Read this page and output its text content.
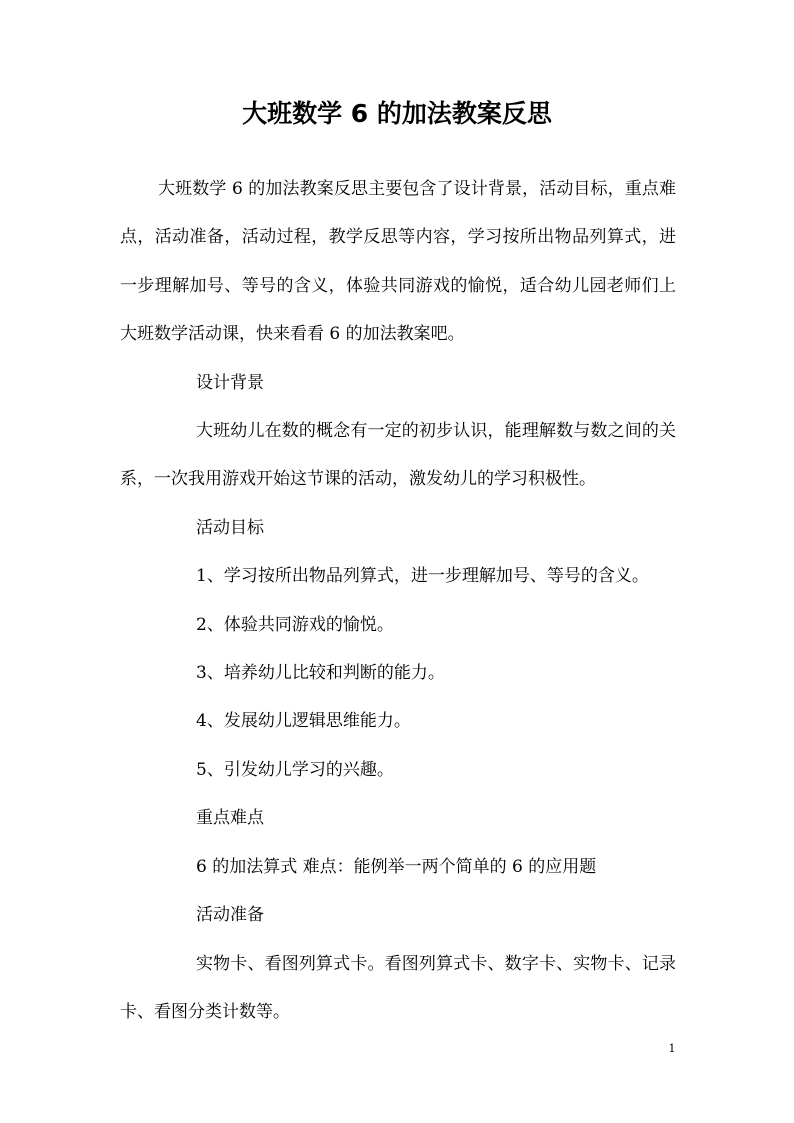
大班数学 6 的加法教案反思

大班数学 6 的加法教案反思主要包含了设计背景，活动目标，重点难点，活动准备，活动过程，教学反思等内容，学习按所出物品列算式，进一步理解加号、等号的含义，体验共同游戏的愉悦，适合幼儿园老师们上大班数学活动课，快来看看 6 的加法教案吧。

设计背景

大班幼儿在数的概念有一定的初步认识，能理解数与数之间的关系，一次我用游戏开始这节课的活动，激发幼儿的学习积极性。

活动目标

1、学习按所出物品列算式，进一步理解加号、等号的含义。

2、体验共同游戏的愉悦。

3、培养幼儿比较和判断的能力。

4、发展幼儿逻辑思维能力。

5、引发幼儿学习的兴趣。

重点难点

6 的加法算式 难点：能例举一两个简单的 6 的应用题

活动准备

实物卡、看图列算式卡。看图列算式卡、数字卡、实物卡、记录卡、看图分类计数等。

1
